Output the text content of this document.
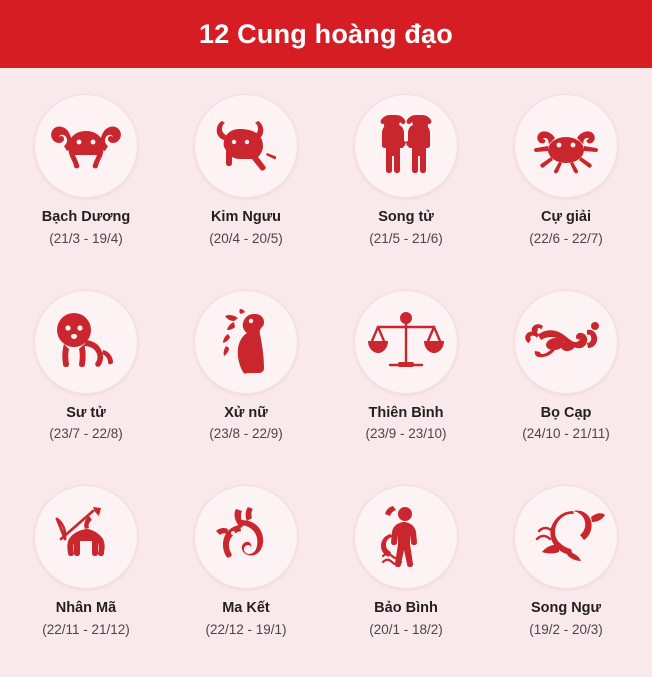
12 Cung hoàng đạo
Bạch Dương
(21/3 - 19/4)
Kim Ngưu
(20/4 - 20/5)
Song tử
(21/5 - 21/6)
Cự giải
(22/6 - 22/7)
Sư tử
(23/7 - 22/8)
Xử nữ
(23/8 - 22/9)
Thiên Bình
(23/9 - 23/10)
Bọ Cạp
(24/10 - 21/11)
Nhân Mã
(22/11 - 21/12)
Ma Kết
(22/12 - 19/1)
Bảo Bình
(20/1 - 18/2)
Song Ngư
(19/2 - 20/3)
